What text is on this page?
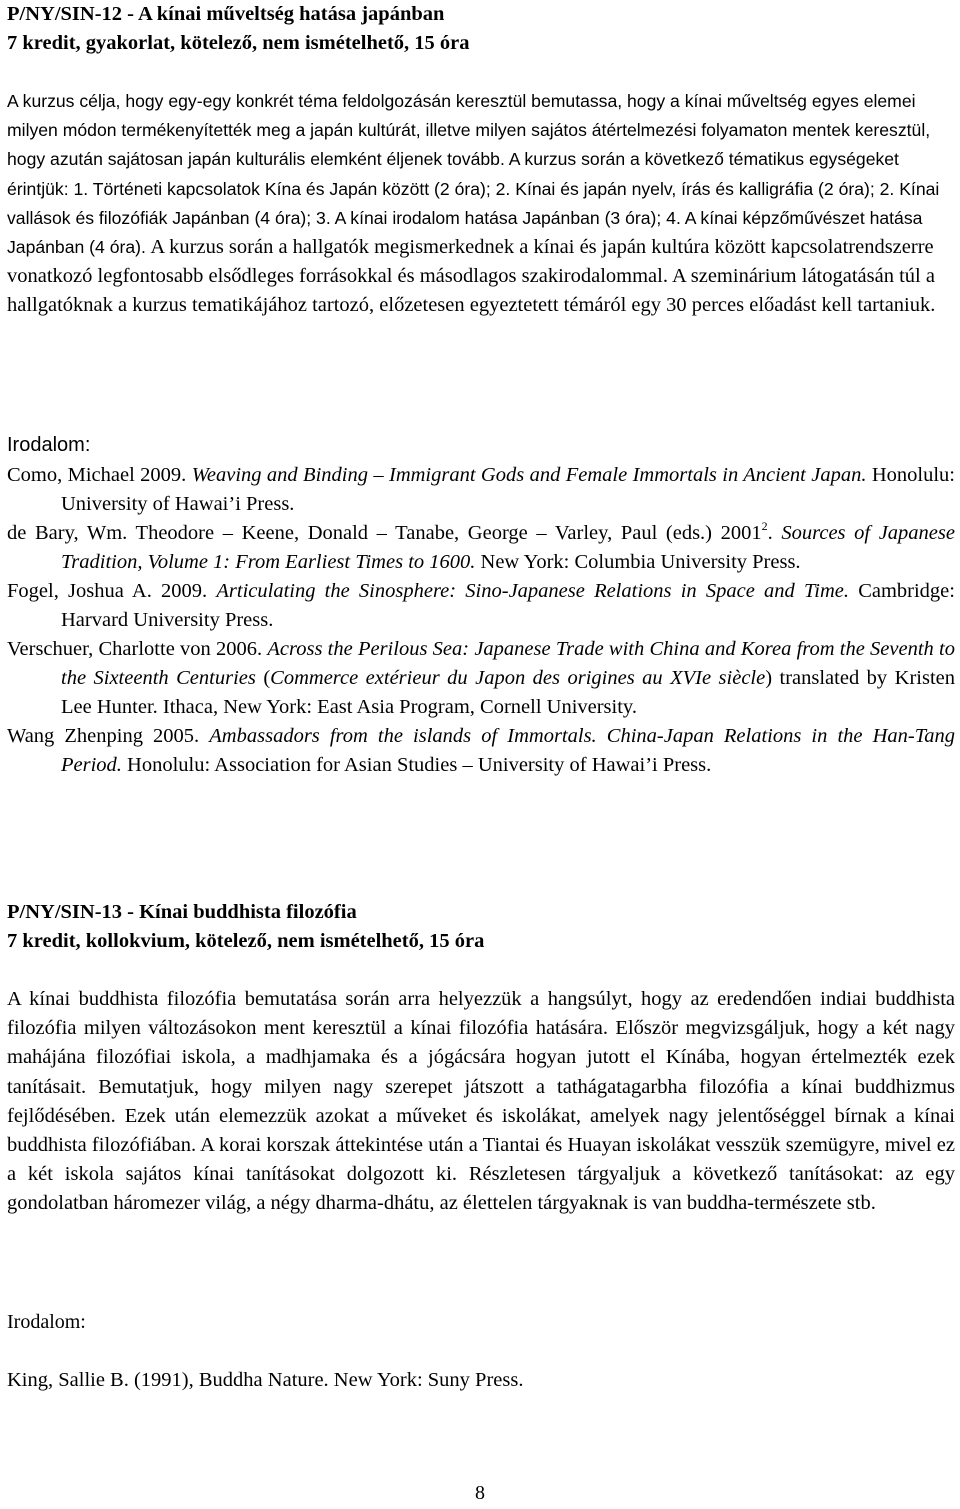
P/NY/SIN-12 - A kínai műveltség hatása japánban
7 kredit, gyakorlat, kötelező, nem ismételhető, 15 óra

A kurzus célja, hogy egy-egy konkrét téma feldolgozásán keresztül bemutassa, hogy a kínai műveltség egyes elemei milyen módon termékenyítették meg a japán kultúrát, illetve milyen sajátos átértelmezési folyamaton mentek keresztül, hogy azután sajátosan japán kulturális elemként éljenek tovább. A kurzus során a következő tématikus egységeket érintjük: 1. Történeti kapcsolatok Kína és Japán között (2 óra); 2. Kínai és japán nyelv, írás és kalligráfia (2 óra); 2. Kínai vallások és filozófiák Japánban (4 óra); 3. A kínai irodalom hatása Japánban (3 óra); 4. A kínai képzőművészet hatása Japánban (4 óra). A kurzus során a hallgatók megismerkednek a kínai és japán kultúra között kapcsolatrendszerre vonatkozó legfontosabb elsődleges forrásokkal és másodlagos szakirodalommal. A szeminárium látogatásán túl a hallgatóknak a kurzus tematikájához tartozó, előzetesen egyeztetett témáról egy 30 perces előadást kell tartaniuk.

Irodalom:
Como, Michael 2009. Weaving and Binding – Immigrant Gods and Female Immortals in Ancient Japan. Honolulu: University of Hawai’i Press.
de Bary, Wm. Theodore – Keene, Donald – Tanabe, George – Varley, Paul (eds.) 2001$^2$. Sources of Japanese Tradition, Volume 1: From Earliest Times to 1600. New York: Columbia University Press.
Fogel, Joshua A. 2009. Articulating the Sinosphere: Sino-Japanese Relations in Space and Time. Cambridge: Harvard University Press.
Verschuer, Charlotte von 2006. Across the Perilous Sea: Japanese Trade with China and Korea from the Seventh to the Sixteenth Centuries (Commerce extérieur du Japon des origines au XVIe siècle) translated by Kristen Lee Hunter. Ithaca, New York: East Asia Program, Cornell University.
Wang Zhenping 2005. Ambassadors from the islands of Immortals. China-Japan Relations in the Han-Tang Period. Honolulu: Association for Asian Studies – University of Hawai’i Press.
P/NY/SIN-13 - Kínai buddhista filozófia
7 kredit, kollokvium, kötelező, nem ismételhető, 15 óra

A kínai buddhista filozófia bemutatása során arra helyezzük a hangsúlyt, hogy az eredendően indiai buddhista filozófia milyen változásokon ment keresztül a kínai filozófia hatására. Először megvizsgáljuk, hogy a két nagy mahájána filozófiai iskola, a madhjamaka és a jógácsára hogyan jutott el Kínába, hogyan értelmezték ezek tanításait. Bemutatjuk, hogy milyen nagy szerepet játszott a tathágatagarbha filozófia a kínai buddhizmus fejlődésében. Ezek után elemezzük azokat a műveket és iskolákat, amelyek nagy jelentőséggel bírnak a kínai buddhista filozófiában. A korai korszak áttekintése után a Tiantai és Huayan iskolákat vesszük szemügyre, mivel ez a két iskola sajátos kínai tanításokat dolgozott ki. Részletesen tárgyaljuk a következő tanításokat: az egy gondolatban háromezer világ, a négy dharma-dhátu, az élettelen tárgyaknak is van buddha-természete stb.

Irodalom:
King, Sallie B. (1991), Buddha Nature. New York: Suny Press.
8
